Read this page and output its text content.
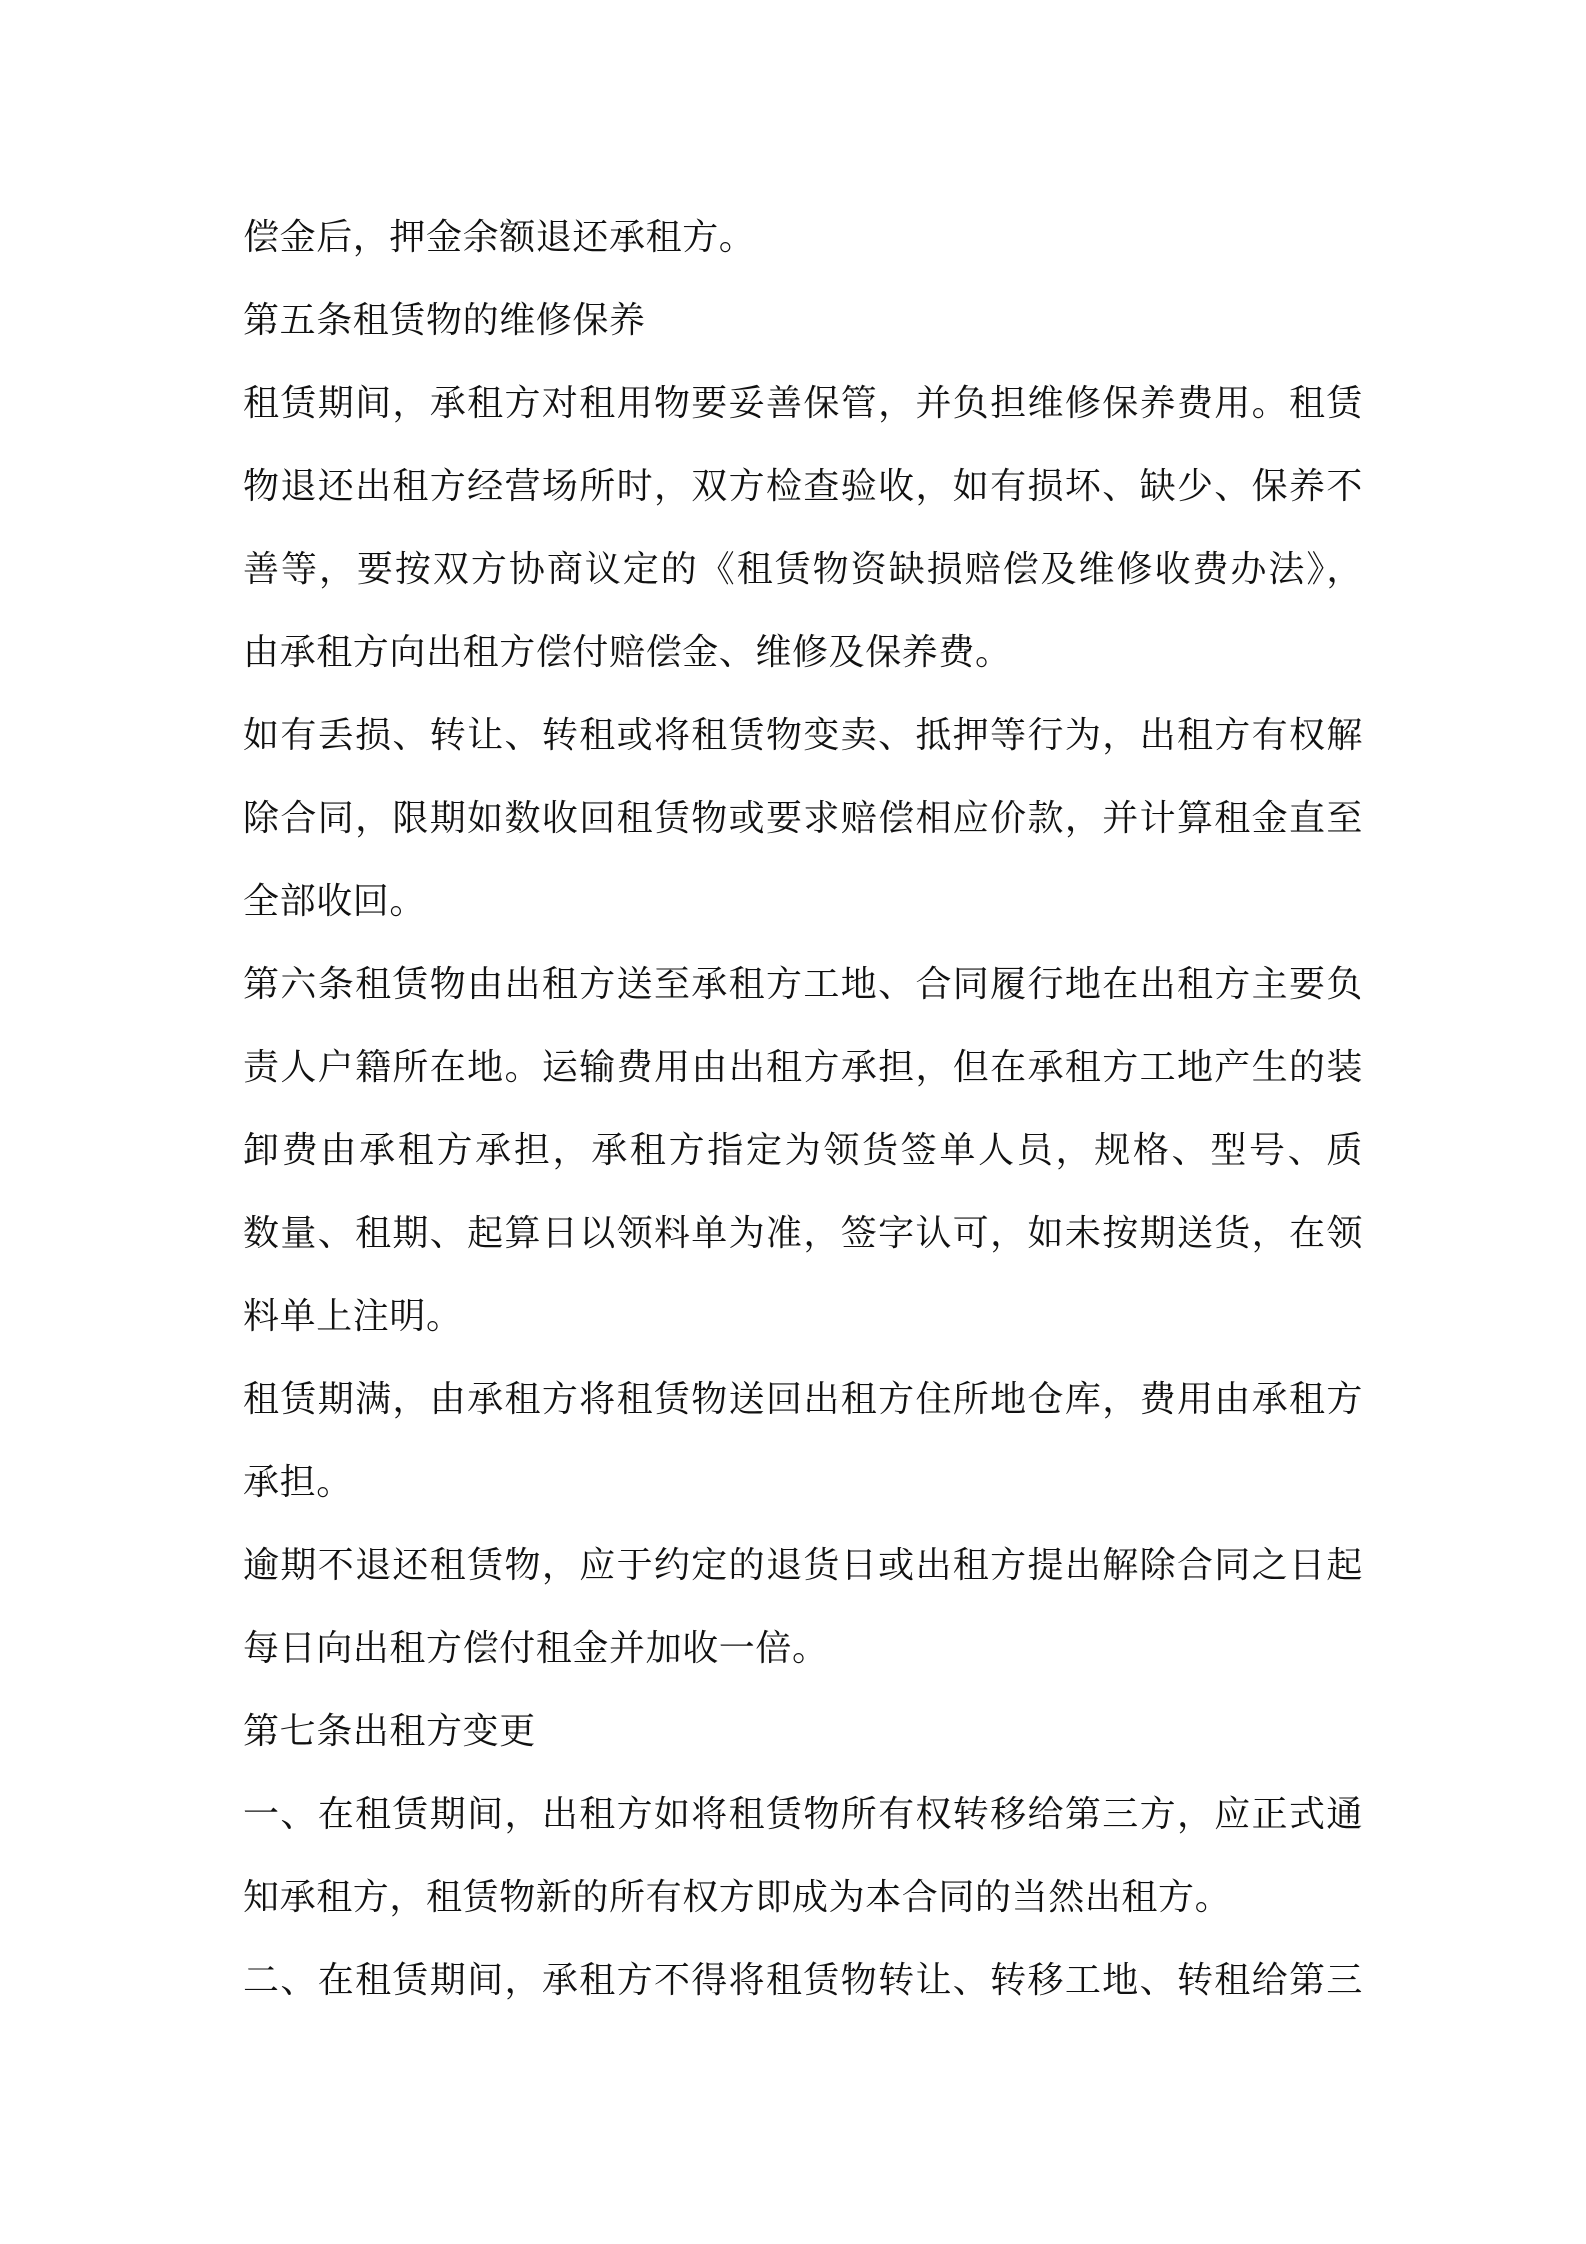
偿金后，押金余额退还承租方。
第五条租赁物的维修保养
租赁期间，承租方对租用物要妥善保管，并负担维修保养费用。租赁
物退还出租方经营场所时，双方检查验收，如有损坏、缺少、保养不
善等，要按双方协商议定的《租赁物资缺损赔偿及维修收费办法》，
由承租方向出租方偿付赔偿金、维修及保养费。
如有丢损、转让、转租或将租赁物变卖、抵押等行为，出租方有权解
除合同，限期如数收回租赁物或要求赔偿相应价款，并计算租金直至
全部收回。
第六条租赁物由出租方送至承租方工地、合同履行地在出租方主要负
责人户籍所在地。运输费用由出租方承担，但在承租方工地产生的装
卸费由承租方承担，承租方指定为领货签单人员，规格、型号、质
数量、租期、起算日以领料单为准，签字认可，如未按期送货，在领
料单上注明。
租赁期满，由承租方将租赁物送回出租方住所地仓库，费用由承租方
承担。
逾期不退还租赁物，应于约定的退货日或出租方提出解除合同之日起
每日向出租方偿付租金并加收一倍。
第七条出租方变更
一、在租赁期间，出租方如将租赁物所有权转移给第三方，应正式通
知承租方，租赁物新的所有权方即成为本合同的当然出租方。
二、在租赁期间，承租方不得将租赁物转让、转移工地、转租给第三
